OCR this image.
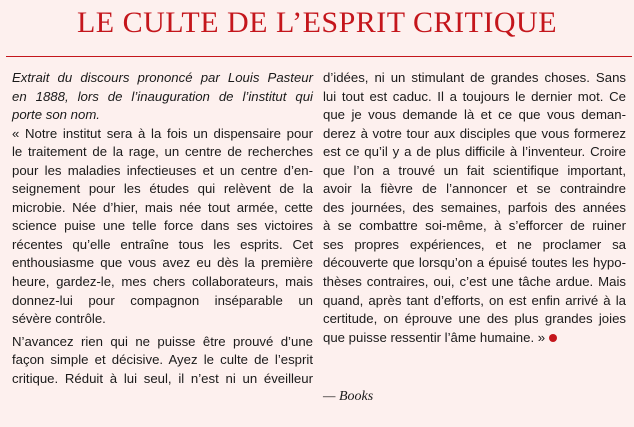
LE CULTE DE L’ESPRIT CRITIQUE
Extrait du discours prononcé par Louis Pasteur
en 1888, lors de l’inauguration de l’institut qui
porte son nom.
« Notre institut sera à la fois un dispensaire pour
le traitement de la rage, un centre de recherches
pour les maladies infectieuses et un centre d’en-
seignement pour les études qui relèvent de la
microbie. Née d’hier, mais née tout armée, cette
science puise une telle force dans ses victoires
récentes qu’elle entraîne tous les esprits. Cet
enthousiasme que vous avez eu dès la première
heure, gardez-le, mes chers collaborateurs, mais
donnez-lui pour compagnon inséparable un
sévère contrôle.
N’avancez rien qui ne puisse être prouvé d’une
façon simple et décisive. Ayez le culte de l’esprit
critique. Réduit à lui seul, il n’est ni un éveilleur
d’idées, ni un stimulant de grandes choses. Sans
lui tout est caduc. Il a toujours le dernier mot. Ce
que je vous demande là et ce que vous deman-
derez à votre tour aux disciples que vous formerez
est ce qu’il y a de plus difficile à l’inventeur. Croire
que l’on a trouvé un fait scientifique important,
avoir la fièvre de l’annoncer et se contraindre
des journées, des semaines, parfois des années
à se combattre soi-même, à s’efforcer de ruiner
ses propres expériences, et ne proclamer sa
découverte que lorsqu’on a épuisé toutes les hypo-
thèses contraires, oui, c’est une tâche ardue. Mais
quand, après tant d’efforts, on est enfin arrivé à la
certitude, on éprouve une des plus grandes joies
que puisse ressentir l’âme humaine. »
— Books
